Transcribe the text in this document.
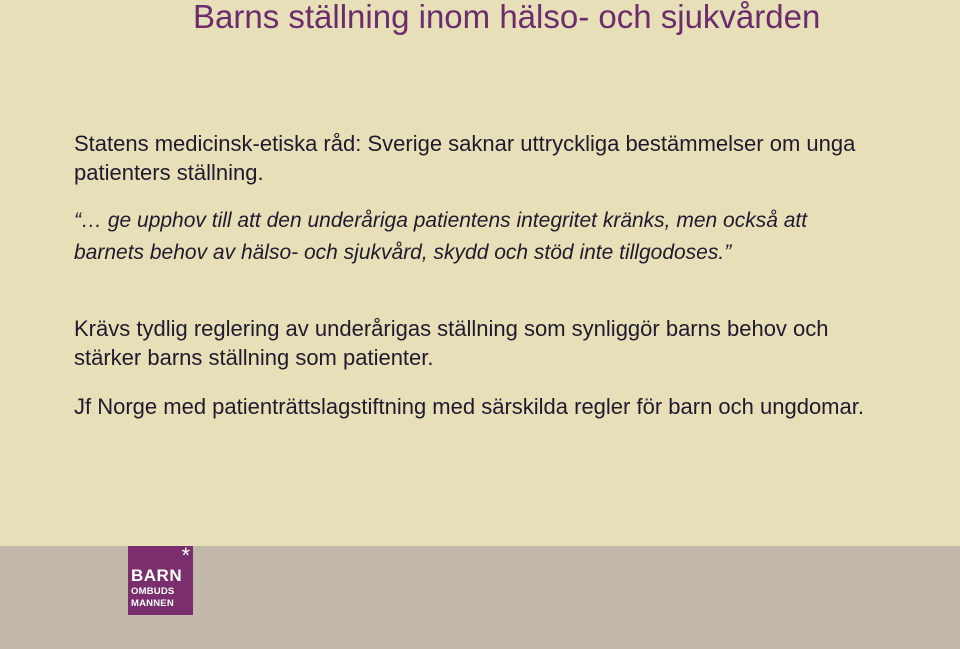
Barns ställning inom hälso- och sjukvården

Statens medicinsk-etiska råd: Sverige saknar uttryckliga bestämmelser om unga patienters ställning.

“… ge upphov till att den underåriga patientens integritet kränks, men också att barnets behov av hälso- och sjukvård, skydd och stöd inte tillgodoses.”

Krävs tydlig reglering av underårigas ställning som synliggör barns behov och stärker barns ställning som patienter.

Jf Norge med patienträttslagstiftning med särskilda regler för barn och ungdomar.

*
BARN
OMBUDS
MANNEN
